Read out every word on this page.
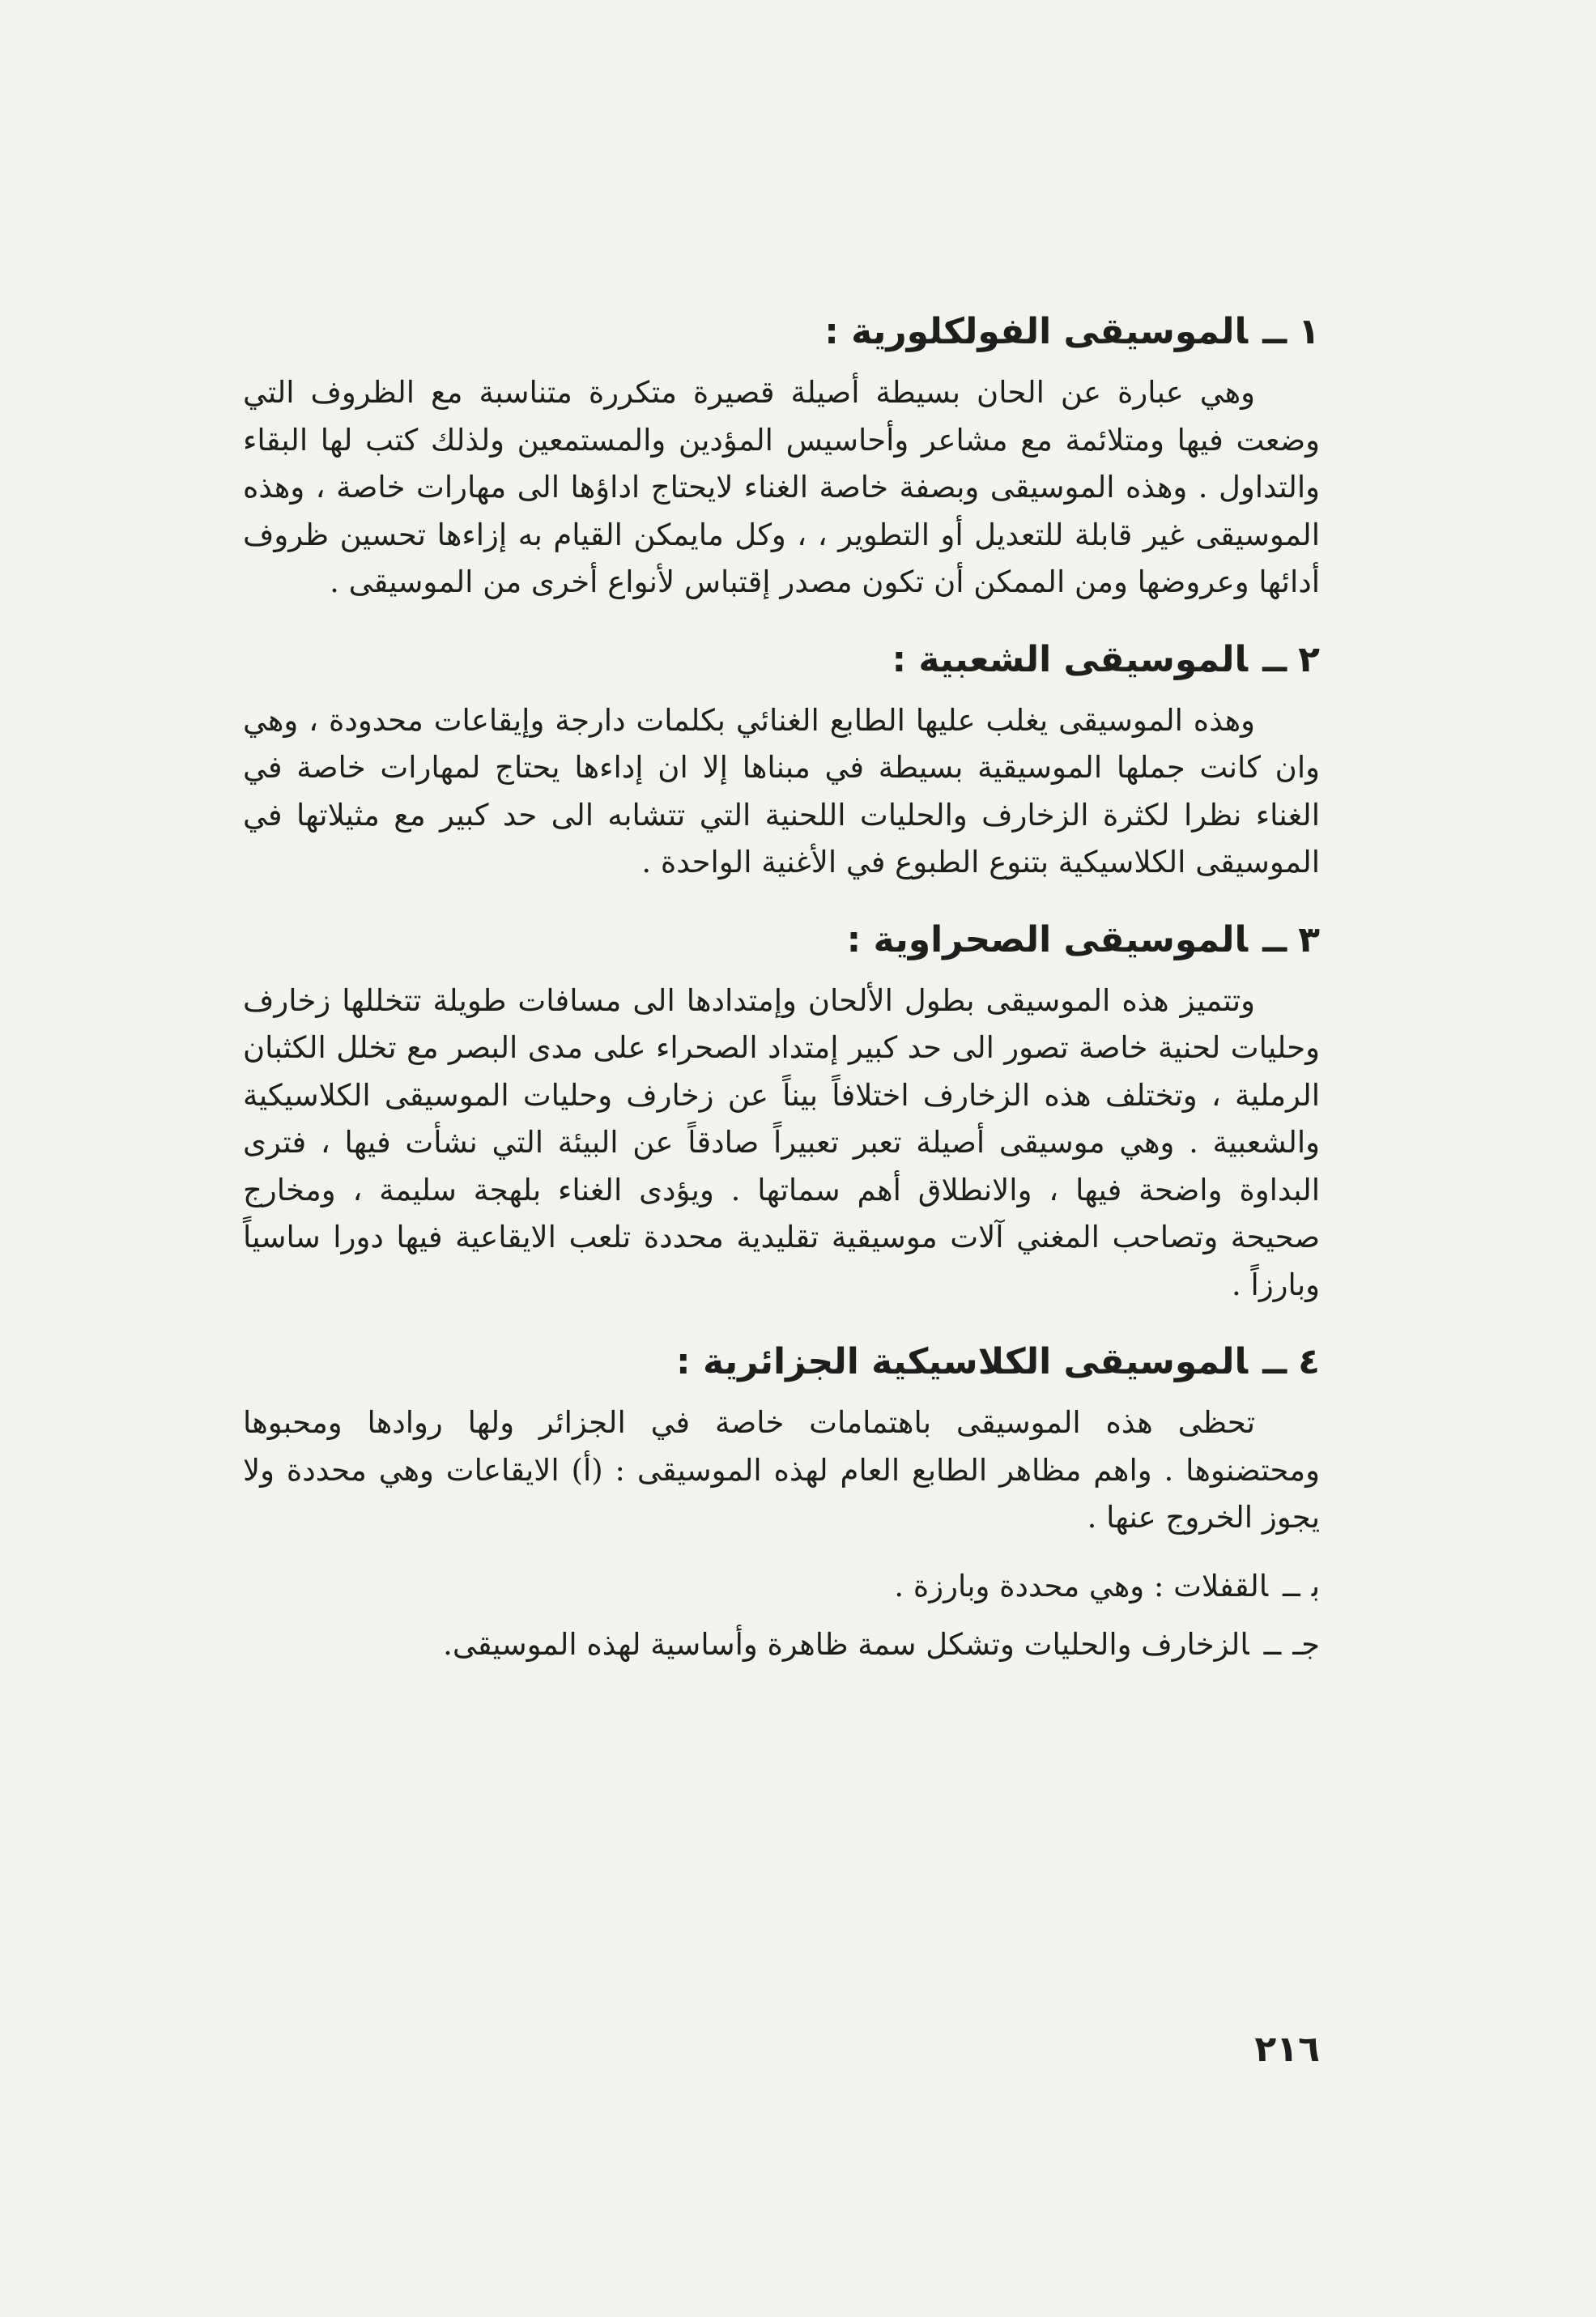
١ــالموسيقى الفولكلورية :

وهي عبارة عن الحان بسيطة أصيلة قصيرة متكررة متناسبة مع الظروف التي وضعت فيها ومتلائمة مع مشاعر وأحاسيس المؤدين والمستمعين ولذلك كتب لها البقاء والتداول . وهذه الموسيقى وبصفة خاصة الغناء لايحتاج اداؤها الى مهارات خاصة ، وهذه الموسيقى غير قابلة للتعديل أو التطوير ، ، وكل مايمكن القيام به إزاءها تحسين ظروف أدائها وعروضها ومن الممكن أن تكون مصدر إقتباس لأنواع أخرى من الموسيقى .

٢ــالموسيقى الشعبية :

وهذه الموسيقى يغلب عليها الطابع الغنائي بكلمات دارجة وإيقاعات محدودة ، وهي وان كانت جملها الموسيقية بسيطة في مبناها إلا ان إداءها يحتاج لمهارات خاصة في الغناء نظرا لكثرة الزخارف والحليات اللحنية التي تتشابه الى حد كبير مع مثيلاتها في الموسيقى الكلاسيكية بتنوع الطبوع في الأغنية الواحدة .

٣ــالموسيقى الصحراوية :

وتتميز هذه الموسيقى بطول الألحان وإمتدادها الى مسافات طويلة تتخللها زخارف وحليات لحنية خاصة تصور الى حد كبير إمتداد الصحراء على مدى البصر مع تخلل الكثبان الرملية ، وتختلف هذه الزخارف اختلافاً بيناً عن زخارف وحليات الموسيقى الكلاسيكية والشعبية . وهي موسيقى أصيلة تعبر تعبيراً صادقاً عن البيئة التي نشأت فيها ، فترى البداوة واضحة فيها ، والانطلاق أهم سماتها . ويؤدى الغناء بلهجة سليمة ، ومخارج صحيحة وتصاحب المغني آلات موسيقية تقليدية محددة تلعب الايقاعية فيها دورا ساسياً وبارزاً .

٤ــالموسيقى الكلاسيكية الجزائرية :

تحظى هذه الموسيقى باهتمامات خاصة في الجزائر ولها روادها ومحبوها ومحتضنوها . واهم مظاهر الطابع العام لهذه الموسيقى : (أ) الايقاعات وهي محددة ولا يجوز الخروج عنها .

بــالقفلات : وهي محددة وبارزة .
جـــالزخارف والحليات وتشكل سمة ظاهرة وأساسية لهذه الموسيقى.
٢١٦
